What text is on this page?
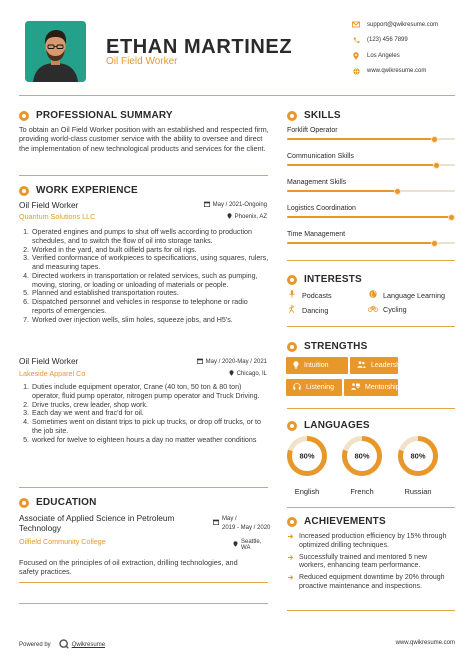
ETHAN MARTINEZ
Oil Field Worker
support@qwikresume.com
(123) 456 7899
Los Angeles
www.qwikresume.com
PROFESSIONAL SUMMARY
To obtain an Oil Field Worker position with an established and respected firm, providing world-class customer service with the ability to oversee and direct the implementation of new technological products and services for the client.
WORK EXPERIENCE
Oil Field Worker
Quantum Solutions LLC
May / 2021-Ongoing
Phoenix, AZ
1. Operated engines and pumps to shut off wells according to production schedules, and to switch the flow of oil into storage tanks.
2. Worked in the yard, and built oilfield parts for oil rigs.
3. Verified conformance of workpieces to specifications, using squares, rulers, and measuring tapes.
4. Directed workers in transportation or related services, such as pumping, moving, storing, or loading or unloading of materials or people.
5. Planned and established transportation routes.
6. Dispatched personnel and vehicles in response to telephone or radio reports of emergencies.
7. Worked over injection wells, slim holes, squeeze jobs, and H5's.
Oil Field Worker
Lakeside Apparel Co
May / 2020-May / 2021
Chicago, IL
1. Duties include equipment operator, Crane (40 ton, 50 ton & 80 ton) operator, fluid pump operator, nitrogen pump operator and Truck Driving.
2. Drive trucks, crew leader, shop work.
3. Each day we went and frac'd for oil.
4. Sometimes went on distant trips to pick up trucks, or drop off trucks, or to the job site.
5. worked for twelve to eighteen hours a day no matter weather conditions
EDUCATION
Associate of Applied Science in Petroleum Technology
Oilfield Community College
May /
2019 - May / 2020
Seattle, WA
Focused on the principles of oil extraction, drilling technologies, and safety practices.
SKILLS
Forklift Operator
Communication Skills
Management Skills
Logistics Coordination
Time Management
INTERESTS
Podcasts	Language Learning
Dancing	Cycling
STRENGTHS
Intuition	Leadership
Listening	Mentorship
LANGUAGES
80%
English
80%
French
80%
Russian
ACHIEVEMENTS
Increased production efficiency by 15% through optimized drilling techniques.
Successfully trained and mentored 5 new workers, enhancing team performance.
Reduced equipment downtime by 20% through proactive maintenance and inspections.
Powered by	Qwikresume	www.qwikresume.com
